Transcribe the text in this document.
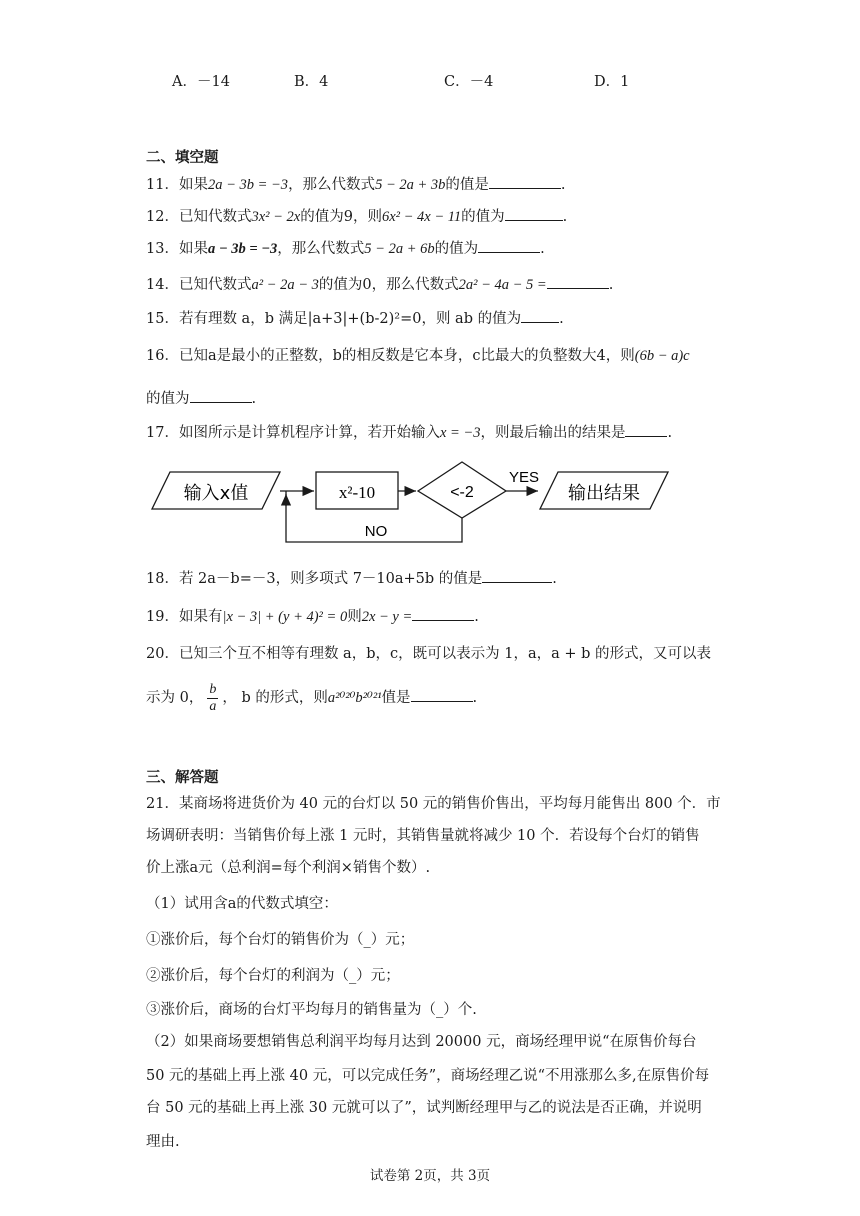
A．－14	B．4	C．－4	D．1
二、填空题
11．如果2a − 3b = −3，那么代数式5 − 2a + 3b的值是	.
12．已知代数式3x² − 2x的值为9，则6x² − 4x − 11的值为	.
13．如果a − 3b = −3，那么代数式5 − 2a + 6b的值为	.
14．已知代数式a² − 2a − 3的值为0，那么代数式2a² − 4a − 5 =	.
15．若有理数 a，b 满足|a+3|+(b-2)²=0，则 ab 的值为	.
16．已知a是最小的正整数，b的相反数是它本身，c比最大的负整数大4，则(6b − a)c
的值为	.
17．如图所示是计算机程序计算，若开始输入x = −3，则最后输出的结果是	.
输入x值	x²-10	<-2
YES
输出结果
NO
18．若 2a－b=－3，则多项式 7－10a+5b 的值是	.
19．如果有|x − 3| + (y + 4)² = 0则2x − y =	.
20．已知三个互不相等有理数 a，b，c，既可以表示为 1，a，a + b 的形式，又可以表
示为 0， $\frac{b}{a}$ ， b 的形式，则a²⁰²⁰b²⁰²¹值是	.
三、解答题
21．某商场将进货价为 40 元的台灯以 50 元的销售价售出，平均每月能售出 800 个．市
场调研表明：当销售价每上涨 1 元时，其销售量就将减少 10 个．若设每个台灯的销售
价上涨a元（总利润=每个利润×销售个数）.
（1）试用含a的代数式填空：
①涨价后，每个台灯的销售价为（_）元；
②涨价后，每个台灯的利润为（_）元；
③涨价后，商场的台灯平均每月的销售量为（_）个.
（2）如果商场要想销售总利润平均每月达到 20000 元，商场经理甲说“在原售价每台
50 元的基础上再上涨 40 元，可以完成任务”，商场经理乙说“不用涨那么多,在原售价每
台 50 元的基础上再上涨 30 元就可以了”，试判断经理甲与乙的说法是否正确，并说明
理由.
试卷第 2页，共 3页
